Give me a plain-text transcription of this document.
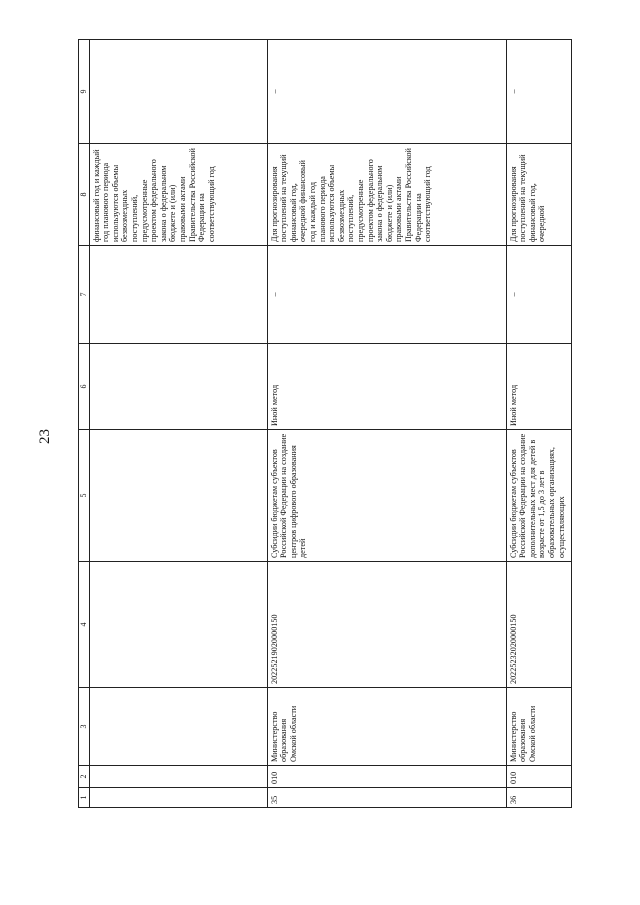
23
1	2	3	4	5	6	7	8	9
							финансовый год и каждый год планового периода используются объемы безвозмездных поступлений, предусмотренные проектом федерального закона о федеральном бюджете и (или) правовыми актами Правительства Российской Федерации на соответствующий год	
35	010	Министерство образования Омской области	20225219020000150	Субсидии бюджетам субъектов Российской Федерации на создание центров цифрового образования детей	Иной метод	–	Для прогнозирования поступлений на текущий финансовый год, очередной финансовый год и каждый год планового периода используются объемы безвозмездных поступлений, предусмотренные проектом федерального закона о федеральном бюджете и (или) правовыми актами Правительства Российской Федерации на соответствующий год	–
36	010	Министерство образования Омской области	20225232020000150	Субсидии бюджетам субъектов Российской Федерации на создание дополнительных мест для детей в возрасте от 1,5 до 3 лет в образовательных организациях, осуществляющих	Иной метод	–	Для прогнозирования поступлений на текущий финансовый год, очередной	–
